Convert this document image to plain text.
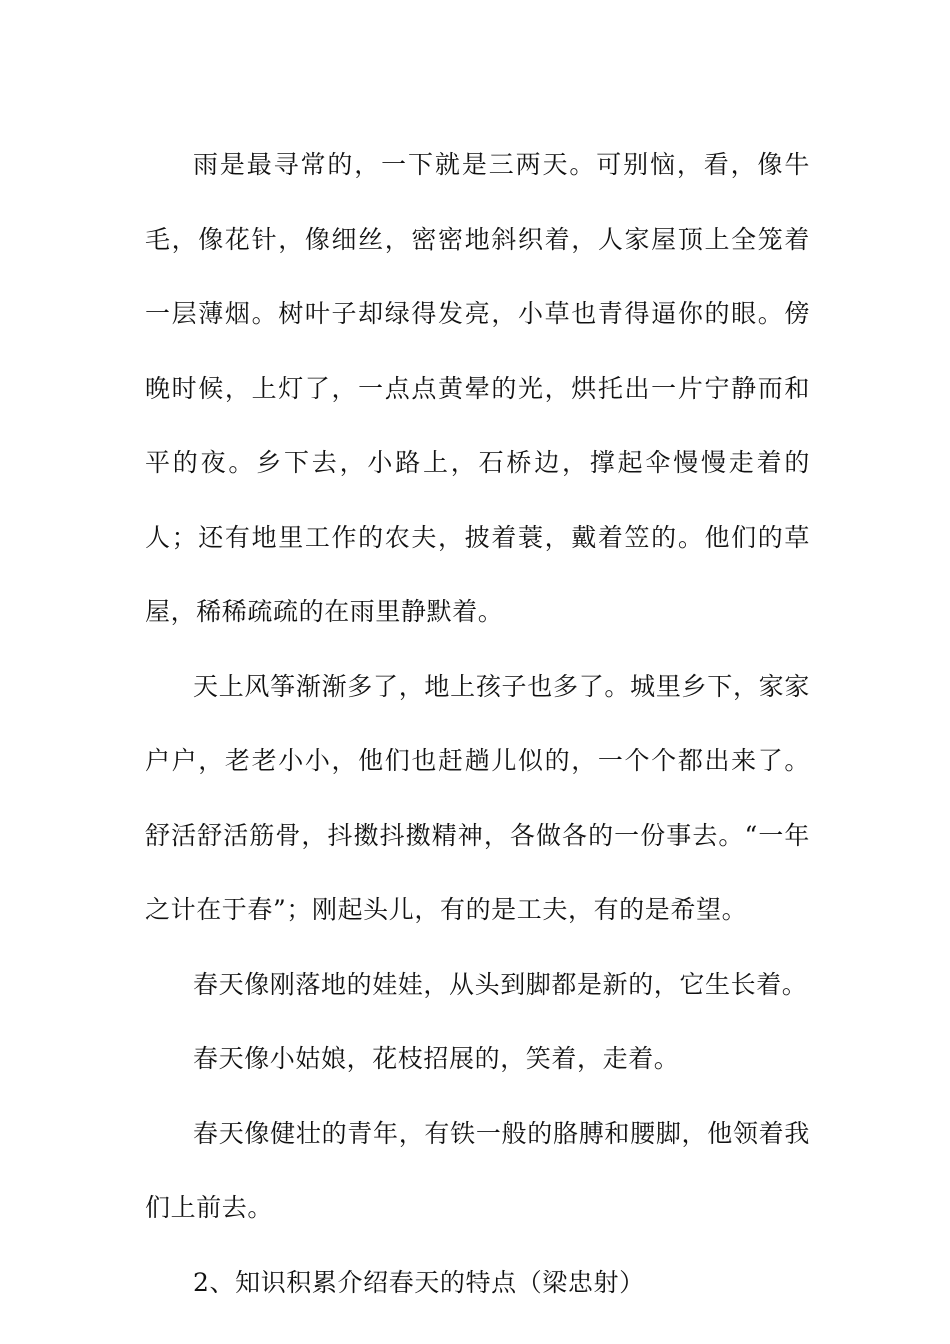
雨是最寻常的，一下就是三两天。可别恼，看，像牛毛，像花针，像细丝，密密地斜织着，人家屋顶上全笼着一层薄烟。树叶子却绿得发亮，小草也青得逼你的眼。傍晚时候，上灯了，一点点黄晕的光，烘托出一片宁静而和平的夜。乡下去，小路上，石桥边，撑起伞慢慢走着的人；还有地里工作的农夫，披着蓑，戴着笠的。他们的草屋，稀稀疏疏的在雨里静默着。

天上风筝渐渐多了，地上孩子也多了。城里乡下，家家户户，老老小小，他们也赶趟儿似的，一个个都出来了。舒活舒活筋骨，抖擞抖擞精神，各做各的一份事去。“一年之计在于春”；刚起头儿，有的是工夫，有的是希望。

春天像刚落地的娃娃，从头到脚都是新的，它生长着。

春天像小姑娘，花枝招展的，笑着，走着。

春天像健壮的青年，有铁一般的胳膊和腰脚，他领着我们上前去。

2、知识积累介绍春天的特点（梁忠射）
